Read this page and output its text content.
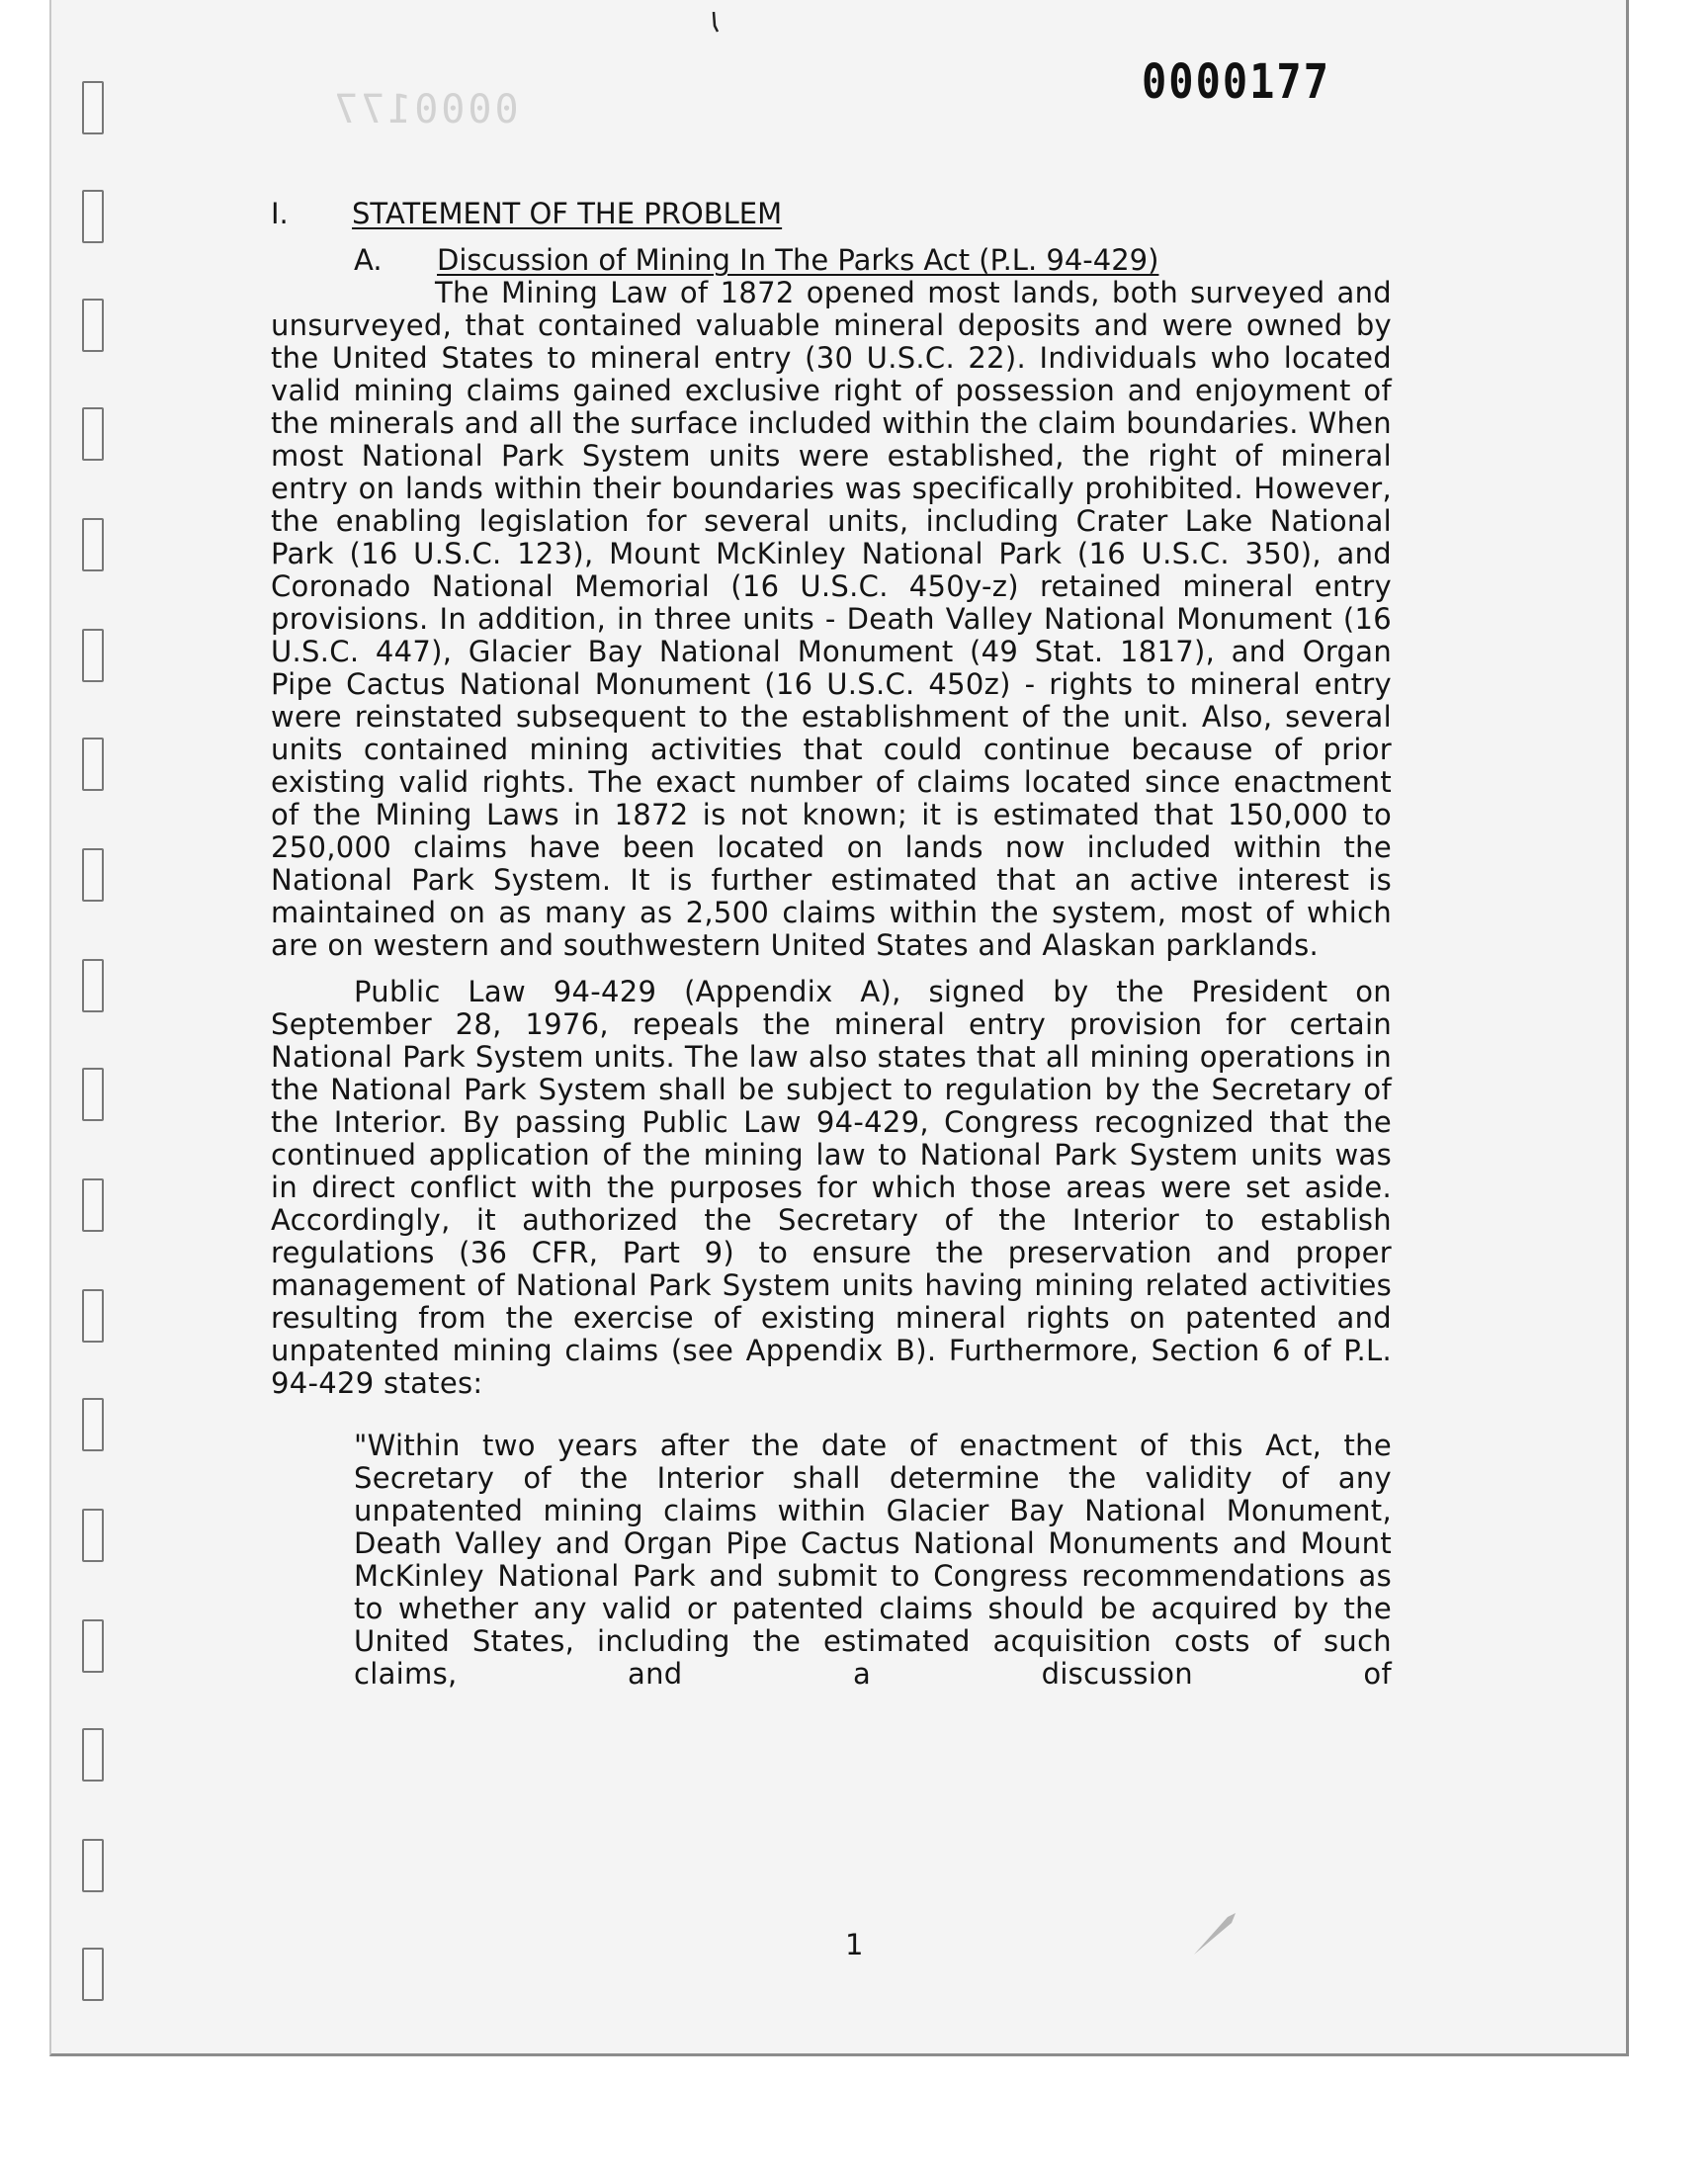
0000177
0000177
I. STATEMENT OF THE PROBLEM
A. Discussion of Mining In The Parks Act (P.L. 94-429)

The Mining Law of 1872 opened most lands, both surveyed and unsurveyed, that contained valuable mineral deposits and were owned by the United States to mineral entry (30 U.S.C. 22). Individuals who located valid mining claims gained exclusive right of possession and enjoyment of the minerals and all the surface included within the claim boundaries. When most National Park System units were established, the right of mineral entry on lands within their boundaries was specifically prohibited. However, the enabling legislation for several units, including Crater Lake National Park (16 U.S.C. 123), Mount McKinley National Park (16 U.S.C. 350), and Coronado National Memorial (16 U.S.C. 450y-z) retained mineral entry provisions. In addition, in three units - Death Valley National Monument (16 U.S.C. 447), Glacier Bay National Monument (49 Stat. 1817), and Organ Pipe Cactus National Monument (16 U.S.C. 450z) - rights to mineral entry were reinstated subsequent to the establishment of the unit. Also, several units contained mining activities that could continue because of prior existing valid rights. The exact number of claims located since enactment of the Mining Laws in 1872 is not known; it is estimated that 150,000 to 250,000 claims have been located on lands now included within the National Park System. It is further estimated that an active interest is maintained on as many as 2,500 claims within the system, most of which are on western and southwestern United States and Alaskan parklands.

Public Law 94-429 (Appendix A), signed by the President on September 28, 1976, repeals the mineral entry provision for certain National Park System units. The law also states that all mining operations in the National Park System shall be subject to regulation by the Secretary of the Interior. By passing Public Law 94-429, Congress recognized that the continued application of the mining law to National Park System units was in direct conflict with the purposes for which those areas were set aside. Accordingly, it authorized the Secretary of the Interior to establish regulations (36 CFR, Part 9) to ensure the preservation and proper management of National Park System units having mining related activities resulting from the exercise of existing mineral rights on patented and unpatented mining claims (see Appendix B). Furthermore, Section 6 of P.L. 94-429 states:

"Within two years after the date of enactment of this Act, the Secretary of the Interior shall determine the validity of any unpatented mining claims within Glacier Bay National Monument, Death Valley and Organ Pipe Cactus National Monuments and Mount McKinley National Park and submit to Congress recommendations as to whether any valid or patented claims should be acquired by the United States, including the estimated acquisition costs of such claims, and a discussion of

1
